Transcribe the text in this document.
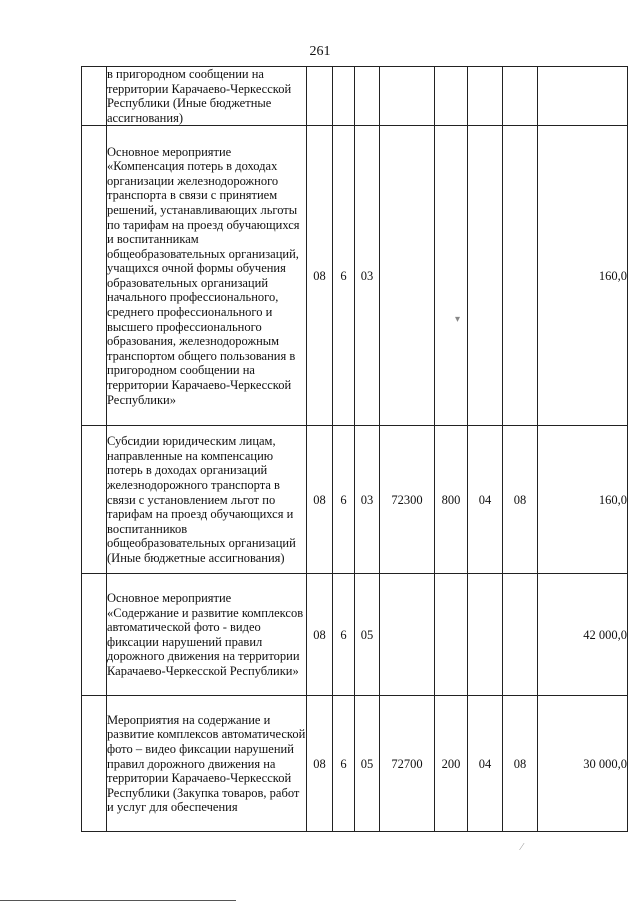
261

	в пригородном сообщении на территории Карачаево-Черкесской Республики (Иные бюджетные ассигнования)								

	Основное мероприятие «Компенсация потерь в доходах организации железнодорожного транспорта в связи с принятием решений, устанавливающих льготы по тарифам на проезд обучающихся и воспитанникам общеобразовательных организаций, учащихся очной формы обучения образовательных организаций начального профессионального, среднего профессионального и высшего профессионального образования, железнодорожным транспортом общего пользования в пригородном сообщении на территории Карачаево-Черкесской Республики»	08	6	03					160,0

	Субсидии юридическим лицам, направленные на компенсацию потерь в доходах организаций железнодорожного транспорта в связи с установлением льгот по тарифам на проезд обучающихся и воспитанников общеобразовательных организаций (Иные бюджетные ассигнования)	08	6	03	72300	800	04	08	160,0

	Основное мероприятие «Содержание и развитие комплексов автоматической фото - видео фиксации нарушений правил дорожного движения на территории Карачаево-Черкесской Республики»	08	6	05					42 000,0

	Мероприятия на содержание и развитие комплексов автоматической фото – видео фиксации нарушений правил дорожного движения на территории Карачаево-Черкесской Республики (Закупка товаров, работ и услуг для обеспечения	08	6	05	72700	200	04	08	30 000,0
▾
⁄
